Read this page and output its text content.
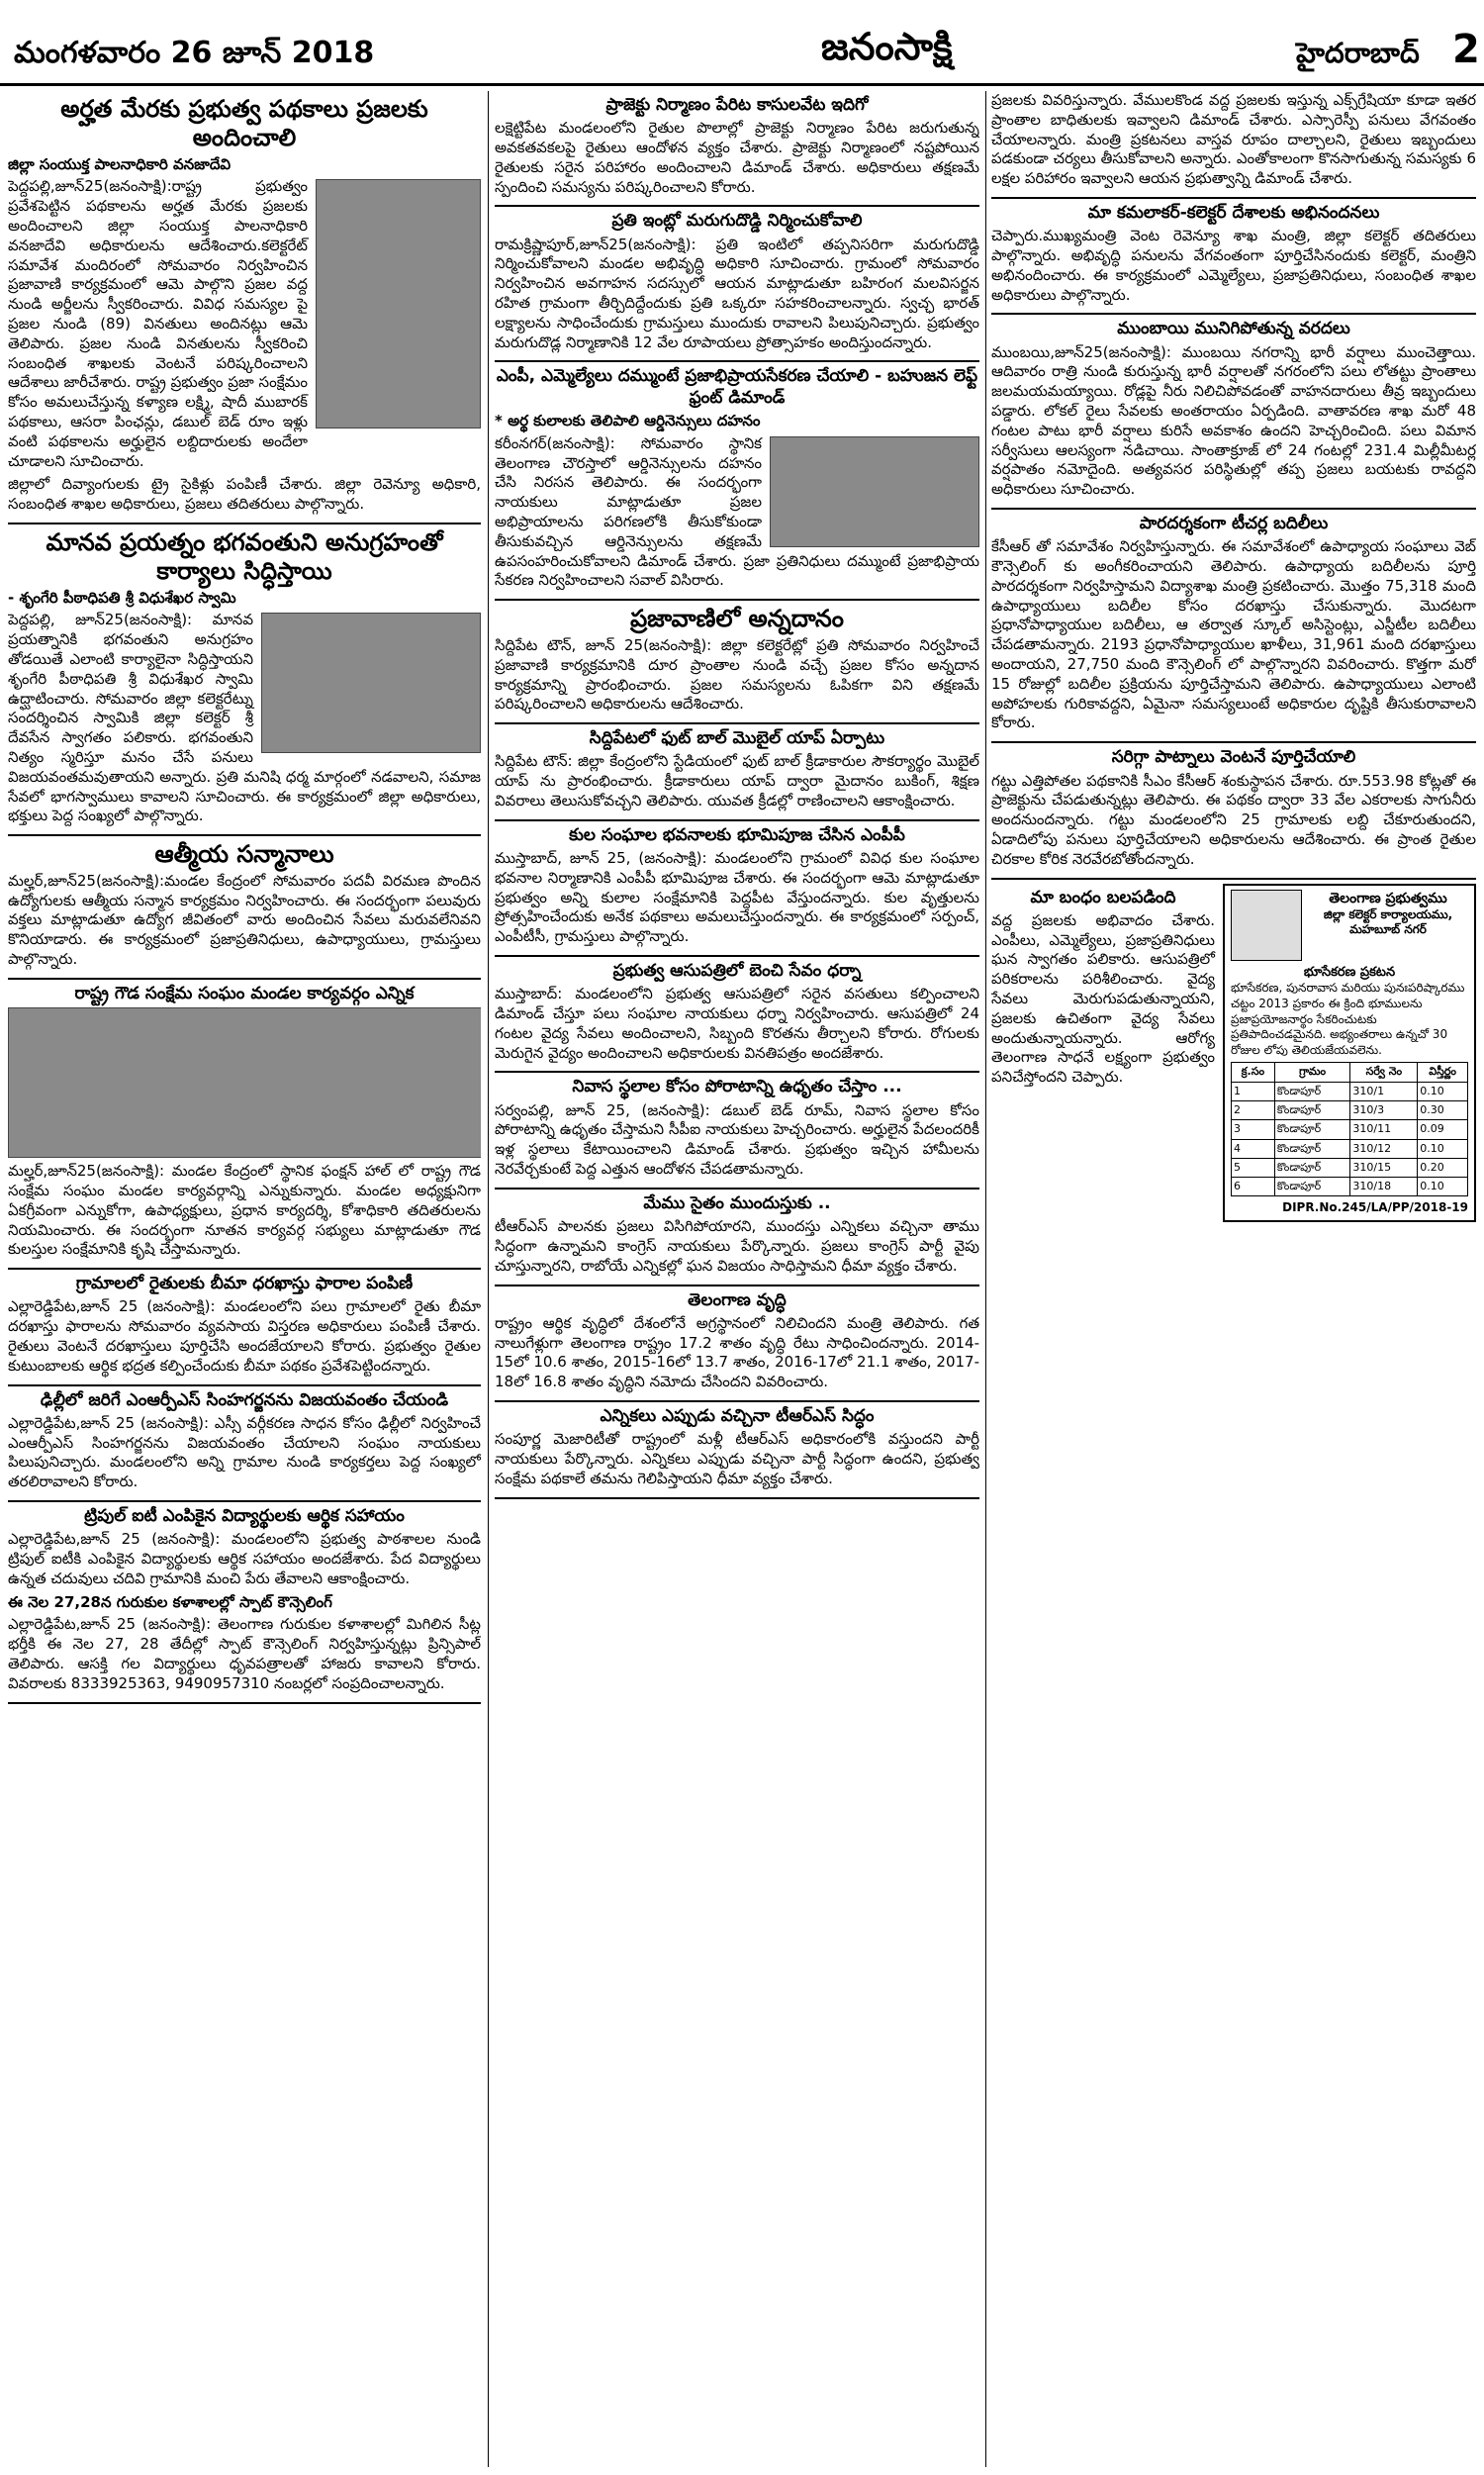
మంగళవారం 26 జూన్ 2018	జనంసాక్షి	హైదరాబాద్ 2
అర్హత మేరకు ప్రభుత్వ పథకాలు ప్రజలకు అందించాలి
జిల్లా సంయుక్త పాలనాధికారి వనజాదేవి

పెద్దపల్లి,జూన్25(జనంసాక్షి):రాష్ట్ర ప్రభుత్వం ప్రవేశపెట్టిన పథకాలను అర్హత మేరకు ప్రజలకు అందించాలని జిల్లా సంయుక్త పాలనాధికారి వనజాదేవి అధికారులను ఆదేశించారు.కలెక్టరేట్ సమావేశ మందిరంలో సోమవారం నిర్వహించిన ప్రజావాణి కార్యక్రమంలో ఆమె పాల్గొని ప్రజల వద్ద నుండి అర్జీలను స్వీకరించారు. వివిధ సమస్యల పై ప్రజల నుండి (89) వినతులు అందినట్లు ఆమె తెలిపారు. ప్రజల నుండి వినతులను స్వీకరించి సంబంధిత శాఖలకు వెంటనే పరిష్కరించాలని ఆదేశాలు జారీచేశారు. రాష్ట్ర ప్రభుత్వం ప్రజా సంక్షేమం కోసం అమలుచేస్తున్న కళ్యాణ లక్ష్మి, షాదీ ముబారక్ పథకాలు, ఆసరా పింఛన్లు, డబుల్ బెడ్ రూం ఇళ్లు వంటి పథకాలను అర్హులైన లబ్దిదారులకు అందేలా చూడాలని సూచించారు.

జిల్లాలో దివ్యాంగులకు ట్రై సైకిళ్లు పంపిణీ చేశారు. జిల్లా రెవెన్యూ అధికారి, సంబంధిత శాఖల అధికారులు, ప్రజలు తదితరులు పాల్గొన్నారు.

మానవ ప్రయత్నం భగవంతుని అనుగ్రహంతో కార్యాలు సిద్ధిస్తాయి
- శృంగేరి పీఠాధిపతి శ్రీ విధుశేఖర స్వామి

పెద్దపల్లి, జూన్25(జనంసాక్షి): మానవ ప్రయత్నానికి భగవంతుని అనుగ్రహం తోడయితే ఎలాంటి కార్యాలైనా సిద్ధిస్తాయని శృంగేరి పీఠాధిపతి శ్రీ విధుశేఖర స్వామి ఉద్ఘాటించారు. సోమవారం జిల్లా కలెక్టరేట్ను సందర్శించిన స్వామికి జిల్లా కలెక్టర్ శ్రీ దేవసేన స్వాగతం పలికారు. భగవంతుని నిత్యం స్మరిస్తూ మనం చేసే పనులు విజయవంతమవుతాయని అన్నారు. ప్రతి మనిషి ధర్మ మార్గంలో నడవాలని, సమాజ సేవలో భాగస్వాములు కావాలని సూచించారు. ఈ కార్యక్రమంలో జిల్లా అధికారులు, భక్తులు పెద్ద సంఖ్యలో పాల్గొన్నారు.

ఆత్మీయ సన్మానాలు

మల్హర్,జూన్25(జనంసాక్షి):మండల కేంద్రంలో సోమవారం పదవీ విరమణ పొందిన ఉద్యోగులకు ఆత్మీయ సన్మాన కార్యక్రమం నిర్వహించారు. ఈ సందర్భంగా పలువురు వక్తలు మాట్లాడుతూ ఉద్యోగ జీవితంలో వారు అందించిన సేవలు మరువలేనివని కొనియాడారు. ఈ కార్యక్రమంలో ప్రజాప్రతినిధులు, ఉపాధ్యాయులు, గ్రామస్తులు పాల్గొన్నారు.

రాష్ట్ర గౌడ సంక్షేమ సంఘం మండల కార్యవర్గం ఎన్నిక

మల్హర్,జూన్25(జనంసాక్షి): మండల కేంద్రంలో స్థానిక ఫంక్షన్ హాల్ లో రాష్ట్ర గౌడ సంక్షేమ సంఘం మండల కార్యవర్గాన్ని ఎన్నుకున్నారు. మండల అధ్యక్షునిగా ఏకగ్రీవంగా ఎన్నుకోగా, ఉపాధ్యక్షులు, ప్రధాన కార్యదర్శి, కోశాధికారి తదితరులను నియమించారు. ఈ సందర్భంగా నూతన కార్యవర్గ సభ్యులు మాట్లాడుతూ గౌడ కులస్తుల సంక్షేమానికి కృషి చేస్తామన్నారు.

గ్రామాలలో రైతులకు బీమా ధరఖాస్తు ఫారాల పంపిణీ

ఎల్లారెడ్డిపేట,జూన్ 25 (జనంసాక్షి): మండలంలోని పలు గ్రామాలలో రైతు బీమా దరఖాస్తు ఫారాలను సోమవారం వ్యవసాయ విస్తరణ అధికారులు పంపిణీ చేశారు. రైతులు వెంటనే దరఖాస్తులు పూర్తిచేసి అందజేయాలని కోరారు. ప్రభుత్వం రైతుల కుటుంబాలకు ఆర్థిక భద్రత కల్పించేందుకు బీమా పథకం ప్రవేశపెట్టిందన్నారు.

ఢిల్లీలో జరిగే ఎంఆర్పీఎస్ సింహగర్జనను విజయవంతం చేయండి

ఎల్లారెడ్డిపేట,జూన్ 25 (జనంసాక్షి): ఎస్సీ వర్గీకరణ సాధన కోసం ఢిల్లీలో నిర్వహించే ఎంఆర్పీఎస్ సింహగర్జనను విజయవంతం చేయాలని సంఘం నాయకులు పిలుపునిచ్చారు. మండలంలోని అన్ని గ్రామాల నుండి కార్యకర్తలు పెద్ద సంఖ్యలో తరలిరావాలని కోరారు.

ట్రిపుల్ ఐటీ ఎంపికైన విద్యార్థులకు ఆర్థిక సహాయం

ఎల్లారెడ్డిపేట,జూన్ 25 (జనంసాక్షి): మండలంలోని ప్రభుత్వ పాఠశాలల నుండి ట్రిపుల్ ఐటీకి ఎంపికైన విద్యార్థులకు ఆర్థిక సహాయం అందజేశారు. పేద విద్యార్థులు ఉన్నత చదువులు చదివి గ్రామానికి మంచి పేరు తేవాలని ఆకాంక్షించారు.

ఈ నెల 27,28న గురుకుల కళాశాలల్లో స్పాట్ కౌన్సెలింగ్

ఎల్లారెడ్డిపేట,జూన్ 25 (జనంసాక్షి): తెలంగాణ గురుకుల కళాశాలల్లో మిగిలిన సీట్ల భర్తీకి ఈ నెల 27, 28 తేదీల్లో స్పాట్ కౌన్సెలింగ్ నిర్వహిస్తున్నట్లు ప్రిన్సిపాల్ తెలిపారు. ఆసక్తి గల విద్యార్థులు ధృవపత్రాలతో హాజరు కావాలని కోరారు. వివరాలకు 8333925363, 9490957310 నంబర్లలో సంప్రదించాలన్నారు.

ప్రాజెక్టు నిర్మాణం పేరిట కాసులవేట ఇదిగో

లక్షెట్టిపేట మండలంలోని రైతుల పొలాల్లో ప్రాజెక్టు నిర్మాణం పేరిట జరుగుతున్న అవకతవకలపై రైతులు ఆందోళన వ్యక్తం చేశారు. ప్రాజెక్టు నిర్మాణంలో నష్టపోయిన రైతులకు సరైన పరిహారం అందించాలని డిమాండ్ చేశారు. అధికారులు తక్షణమే స్పందించి సమస్యను పరిష్కరించాలని కోరారు.

ప్రతి ఇంట్లో మరుగుదొడ్డి నిర్మించుకోవాలి

రామక్రిష్ణాపూర్,జూన్25(జనంసాక్షి): ప్రతి ఇంటిలో తప్పనిసరిగా మరుగుదొడ్డి నిర్మించుకోవాలని మండల అభివృద్ధి అధికారి సూచించారు. గ్రామంలో సోమవారం నిర్వహించిన అవగాహన సదస్సులో ఆయన మాట్లాడుతూ బహిరంగ మలవిసర్జన రహిత గ్రామంగా తీర్చిదిద్దేందుకు ప్రతి ఒక్కరూ సహకరించాలన్నారు. స్వచ్ఛ భారత్ లక్ష్యాలను సాధించేందుకు గ్రామస్తులు ముందుకు రావాలని పిలుపునిచ్చారు. ప్రభుత్వం మరుగుదొడ్ల నిర్మాణానికి 12 వేల రూపాయలు ప్రోత్సాహకం అందిస్తుందన్నారు.

ఎంపీ, ఎమ్మెల్యేలు దమ్ముంటే ప్రజాభిప్రాయసేకరణ చేయాలి - బహుజన లెఫ్ట్ ఫ్రంట్ డిమాండ్
* అర్థ కులాలకు తెలిపాలి ఆర్డినెన్సులు దహనం

కరీంనగర్(జనంసాక్షి): సోమవారం స్థానిక తెలంగాణ చౌరస్తాలో ఆర్డినెన్సులను దహనం చేసి నిరసన తెలిపారు. ఈ సందర్భంగా నాయకులు మాట్లాడుతూ ప్రజల అభిప్రాయాలను పరిగణలోకి తీసుకోకుండా తీసుకువచ్చిన ఆర్డినెన్సులను తక్షణమే ఉపసంహరించుకోవాలని డిమాండ్ చేశారు. ప్రజా ప్రతినిధులు దమ్ముంటే ప్రజాభిప్రాయ సేకరణ నిర్వహించాలని సవాల్ విసిరారు.

ప్రజావాణిలో అన్నదానం

సిద్దిపేట టౌన్, జూన్ 25(జనంసాక్షి): జిల్లా కలెక్టరేట్లో ప్రతి సోమవారం నిర్వహించే ప్రజావాణి కార్యక్రమానికి దూర ప్రాంతాల నుండి వచ్చే ప్రజల కోసం అన్నదాన కార్యక్రమాన్ని ప్రారంభించారు. ప్రజల సమస్యలను ఓపికగా విని తక్షణమే పరిష్కరించాలని అధికారులను ఆదేశించారు.

సిద్దిపేటలో ఫుట్ బాల్ మొబైల్ యాప్ ఏర్పాటు

సిద్దిపేట టౌన్: జిల్లా కేంద్రంలోని స్టేడియంలో ఫుట్ బాల్ క్రీడాకారుల సౌకర్యార్థం మొబైల్ యాప్ ను ప్రారంభించారు. క్రీడాకారులు యాప్ ద్వారా మైదానం బుకింగ్, శిక్షణ వివరాలు తెలుసుకోవచ్చని తెలిపారు. యువత క్రీడల్లో రాణించాలని ఆకాంక్షించారు.

కుల సంఘాల భవనాలకు భూమిపూజ చేసిన ఎంపీపీ

ముస్తాబాద్, జూన్ 25, (జనంసాక్షి): మండలంలోని గ్రామంలో వివిధ కుల సంఘాల భవనాల నిర్మాణానికి ఎంపీపీ భూమిపూజ చేశారు. ఈ సందర్భంగా ఆమె మాట్లాడుతూ ప్రభుత్వం అన్ని కులాల సంక్షేమానికి పెద్దపీట వేస్తుందన్నారు. కుల వృత్తులను ప్రోత్సహించేందుకు అనేక పథకాలు అమలుచేస్తుందన్నారు. ఈ కార్యక్రమంలో సర్పంచ్, ఎంపీటీసీ, గ్రామస్తులు పాల్గొన్నారు.

ప్రభుత్వ ఆసుపత్రిలో బెంచి సేవం ధర్నా

ముస్తాబాద్: మండలంలోని ప్రభుత్వ ఆసుపత్రిలో సరైన వసతులు కల్పించాలని డిమాండ్ చేస్తూ పలు సంఘాల నాయకులు ధర్నా నిర్వహించారు. ఆసుపత్రిలో 24 గంటల వైద్య సేవలు అందించాలని, సిబ్బంది కొరతను తీర్చాలని కోరారు. రోగులకు మెరుగైన వైద్యం అందించాలని అధికారులకు వినతిపత్రం అందజేశారు.

నివాస స్థలాల కోసం పోరాటాన్ని ఉధృతం చేస్తాం ...

సర్వంపల్లి, జూన్ 25, (జనంసాక్షి): డబుల్ బెడ్ రూమ్, నివాస స్థలాల కోసం పోరాటాన్ని ఉధృతం చేస్తామని సీపీఐ నాయకులు హెచ్చరించారు. అర్హులైన పేదలందరికీ ఇళ్ల స్థలాలు కేటాయించాలని డిమాండ్ చేశారు. ప్రభుత్వం ఇచ్చిన హామీలను నెరవేర్చకుంటే పెద్ద ఎత్తున ఆందోళన చేపడతామన్నారు.

మేము సైతం ముందుస్తుకు ..

టీఆర్ఎస్ పాలనకు ప్రజలు విసిగిపోయారని, ముందస్తు ఎన్నికలు వచ్చినా తాము సిద్ధంగా ఉన్నామని కాంగ్రెస్ నాయకులు పేర్కొన్నారు. ప్రజలు కాంగ్రెస్ పార్టీ వైపు చూస్తున్నారని, రాబోయే ఎన్నికల్లో ఘన విజయం సాధిస్తామని ధీమా వ్యక్తం చేశారు.

తెలంగాణ వృద్ధి

రాష్ట్రం ఆర్థిక వృద్ధిలో దేశంలోనే అగ్రస్థానంలో నిలిచిందని మంత్రి తెలిపారు. గత నాలుగేళ్లుగా తెలంగాణ రాష్ట్రం 17.2 శాతం వృద్ధి రేటు సాధించిందన్నారు. 2014-15లో 10.6 శాతం, 2015-16లో 13.7 శాతం, 2016-17లో 21.1 శాతం, 2017-18లో 16.8 శాతం వృద్ధిని నమోదు చేసిందని వివరించారు.

ఎన్నికలు ఎప్పుడు వచ్చినా టీఆర్ఎస్ సిద్ధం

సంపూర్ణ మెజారిటీతో రాష్ట్రంలో మళ్లీ టీఆర్ఎస్ అధికారంలోకి వస్తుందని పార్టీ నాయకులు పేర్కొన్నారు. ఎన్నికలు ఎప్పుడు వచ్చినా పార్టీ సిద్ధంగా ఉందని, ప్రభుత్వ సంక్షేమ పథకాలే తమను గెలిపిస్తాయని ధీమా వ్యక్తం చేశారు.

ప్రజలకు వివరిస్తున్నారు. వేములకొండ వద్ద ప్రజలకు ఇస్తున్న ఎక్స్‌గ్రేషియా కూడా ఇతర ప్రాంతాల బాధితులకు ఇవ్వాలని డిమాండ్ చేశారు. ఎస్సారెస్పీ పనులు వేగవంతం చేయాలన్నారు. మంత్రి ప్రకటనలు వాస్తవ రూపం దాల్చాలని, రైతులు ఇబ్బందులు పడకుండా చర్యలు తీసుకోవాలని అన్నారు. ఎంతోకాలంగా కొనసాగుతున్న సమస్యకు 6 లక్షల పరిహారం ఇవ్వాలని ఆయన ప్రభుత్వాన్ని డిమాండ్ చేశారు.

మా కమలాకర్-కలెక్టర్ దేశాలకు అభినందనలు

చెప్పారు.ముఖ్యమంత్రి వెంట రెవెన్యూ శాఖ మంత్రి, జిల్లా కలెక్టర్ తదితరులు పాల్గొన్నారు. అభివృద్ధి పనులను వేగవంతంగా పూర్తిచేసినందుకు కలెక్టర్, మంత్రిని అభినందించారు. ఈ కార్యక్రమంలో ఎమ్మెల్యేలు, ప్రజాప్రతినిధులు, సంబంధిత శాఖల అధికారులు పాల్గొన్నారు.

ముంబాయి మునిగిపోతున్న వరదలు

ముంబయి,జూన్25(జనంసాక్షి): ముంబయి నగరాన్ని భారీ వర్షాలు ముంచెత్తాయి. ఆదివారం రాత్రి నుండి కురుస్తున్న భారీ వర్షాలతో నగరంలోని పలు లోతట్టు ప్రాంతాలు జలమయమయ్యాయి. రోడ్లపై నీరు నిలిచిపోవడంతో వాహనదారులు తీవ్ర ఇబ్బందులు పడ్డారు. లోకల్ రైలు సేవలకు అంతరాయం ఏర్పడింది. వాతావరణ శాఖ మరో 48 గంటల పాటు భారీ వర్షాలు కురిసే అవకాశం ఉందని హెచ్చరించింది. పలు విమాన సర్వీసులు ఆలస్యంగా నడిచాయి. సాంతాక్రూజ్ లో 24 గంటల్లో 231.4 మిల్లీమీటర్ల వర్షపాతం నమోదైంది. అత్యవసర పరిస్థితుల్లో తప్ప ప్రజలు బయటకు రావద్దని అధికారులు సూచించారు.

పారదర్శకంగా టీచర్ల బదిలీలు

కేసీఆర్ తో సమావేశం నిర్వహిస్తున్నారు. ఈ సమావేశంలో ఉపాధ్యాయ సంఘాలు వెబ్ కౌన్సెలింగ్ కు అంగీకరించాయని తెలిపారు. ఉపాధ్యాయ బదిలీలను పూర్తి పారదర్శకంగా నిర్వహిస్తామని విద్యాశాఖ మంత్రి ప్రకటించారు. మొత్తం 75,318 మంది ఉపాధ్యాయులు బదిలీల కోసం దరఖాస్తు చేసుకున్నారు. మొదటగా ప్రధానోపాధ్యాయుల బదిలీలు, ఆ తర్వాత స్కూల్ అసిస్టెంట్లు, ఎస్జీటీల బదిలీలు చేపడతామన్నారు. 2193 ప్రధానోపాధ్యాయుల ఖాళీలు, 31,961 మంది దరఖాస్తులు అందాయని, 27,750 మంది కౌన్సెలింగ్ లో పాల్గొన్నారని వివరించారు. కొత్తగా మరో 15 రోజుల్లో బదిలీల ప్రక్రియను పూర్తిచేస్తామని తెలిపారు. ఉపాధ్యాయులు ఎలాంటి అపోహలకు గురికావద్దని, ఏమైనా సమస్యలుంటే అధికారుల దృష్టికి తీసుకురావాలని కోరారు.

సరిగ్గా పాట్నాలు వెంటనే పూర్తిచేయాలి

గట్టు ఎత్తిపోతల పథకానికి సీఎం కేసీఆర్ శంకుస్థాపన చేశారు. రూ.553.98 కోట్లతో ఈ ప్రాజెక్టును చేపడుతున్నట్లు తెలిపారు. ఈ పథకం ద్వారా 33 వేల ఎకరాలకు సాగునీరు అందనుందన్నారు. గట్టు మండలంలోని 25 గ్రామాలకు లబ్ది చేకూరుతుందని, ఏడాదిలోపు పనులు పూర్తిచేయాలని అధికారులను ఆదేశించారు. ఈ ప్రాంత రైతుల చిరకాల కోరిక నెరవేరబోతోందన్నారు.

మా బంధం బలపడింది

వద్ద ప్రజలకు అభివాదం చేశారు. ఎంపీలు, ఎమ్మెల్యేలు, ప్రజాప్రతినిధులు ఘన స్వాగతం పలికారు. ఆసుపత్రిలో పరికరాలను పరిశీలించారు. వైద్య సేవలు మెరుగుపడుతున్నాయని, ప్రజలకు ఉచితంగా వైద్య సేవలు అందుతున్నాయన్నారు. ఆరోగ్య తెలంగాణ సాధనే లక్ష్యంగా ప్రభుత్వం పనిచేస్తోందని చెప్పారు.

తెలంగాణ ప్రభుత్వము
జిల్లా కలెక్టర్ కార్యాలయము, మహబూబ్ నగర్
భూసేకరణ ప్రకటన
భూసేకరణ, పునరావాస మరియు పునఃపరిష్కారము చట్టం 2013 ప్రకారం ఈ క్రింది భూములను ప్రజాప్రయోజనార్థం సేకరించుటకు ప్రతిపాదించడమైనది. అభ్యంతరాలు ఉన్నచో 30 రోజుల లోపు తెలియజేయవలెను.
క్ర.సం	గ్రామం	సర్వే నెం	విస్తీర్ణం
1	కొండాపూర్	310/1	0.10
2	కొండాపూర్	310/3	0.30
3	కొండాపూర్	310/11	0.09
4	కొండాపూర్	310/12	0.10
5	కొండాపూర్	310/15	0.20
6	కొండాపూర్	310/18	0.10
DIPR.No.245/LA/PP/2018-19
